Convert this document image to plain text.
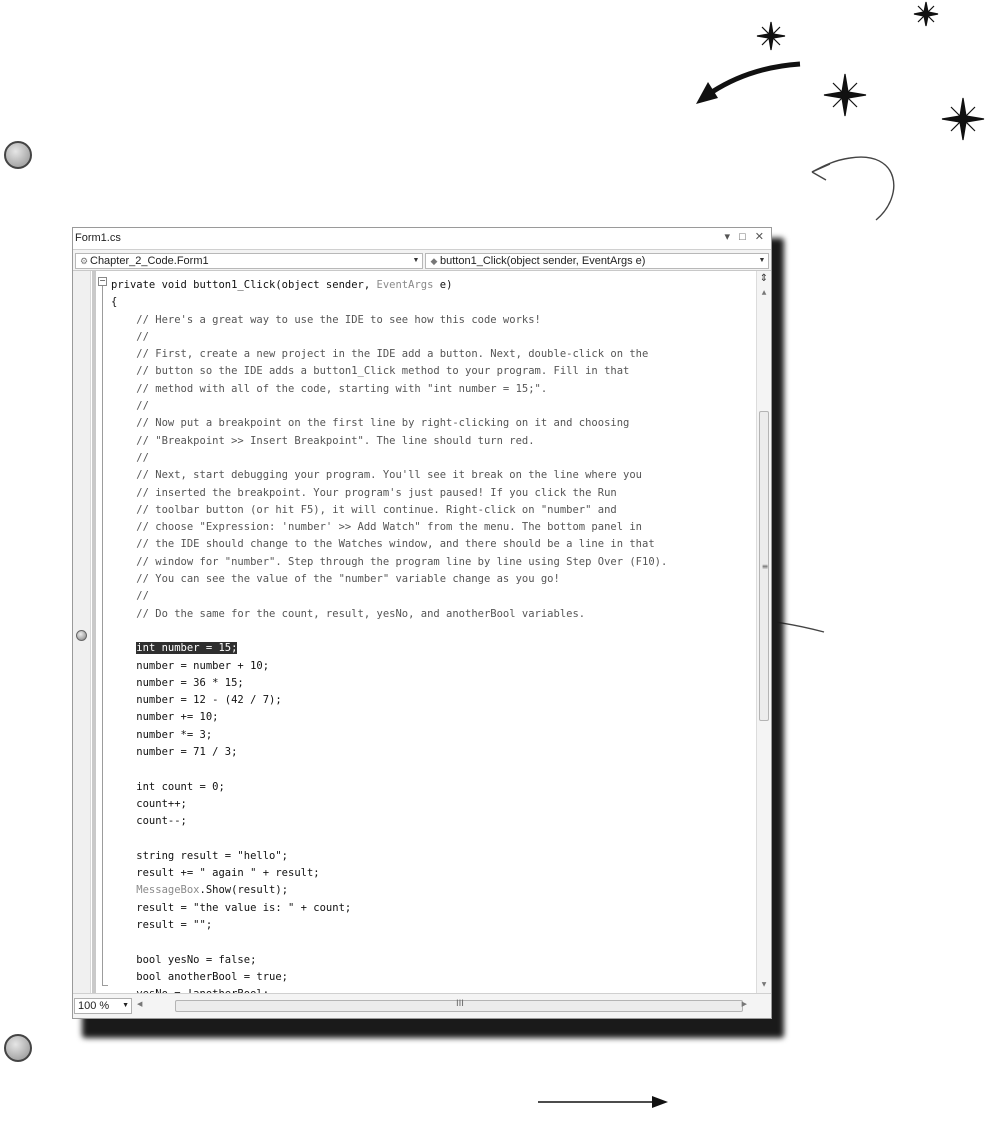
Form1.cs	▾ □ ✕
⚙ Chapter_2_Code.Form1	▼	◆ button1_Click(object sender, EventArgs e)	▼
− private void button1_Click(object sender, EventArgs e)
{
// Here's a great way to use the IDE to see how this code works!
//
// First, create a new project in the IDE add a button. Next, double-click on the
// button so the IDE adds a button1_Click method to your program. Fill in that
// method with all of the code, starting with "int number = 15;".
//
// Now put a breakpoint on the first line by right-clicking on it and choosing
// "Breakpoint >> Insert Breakpoint". The line should turn red.
//
// Next, start debugging your program. You'll see it break on the line where you
// inserted the breakpoint. Your program's just paused! If you click the Run
// toolbar button (or hit F5), it will continue. Right-click on "number" and
// choose "Expression: 'number' >> Add Watch" from the menu. The bottom panel in
// the IDE should change to the Watches window, and there should be a line in that
// window for "number". Step through the program line by line using Step Over (F10).
// You can see the value of the "number" variable change as you go!
//
// Do the same for the count, result, yesNo, and anotherBool variables.
int number = 15;
number = number + 10;
number = 36 * 15;
number = 12 - (42 / 7);
number += 10;
number *= 3;
number = 71 / 3;
int count = 0;
count++;
count--;
string result = "hello";
result += " again " + result;
MessageBox.Show(result);
result = "the value is: " + count;
result = "";
bool yesNo = false;
bool anotherBool = true;
⇕
▲
≡
▼
100 % ▼ ◀	III	▶
